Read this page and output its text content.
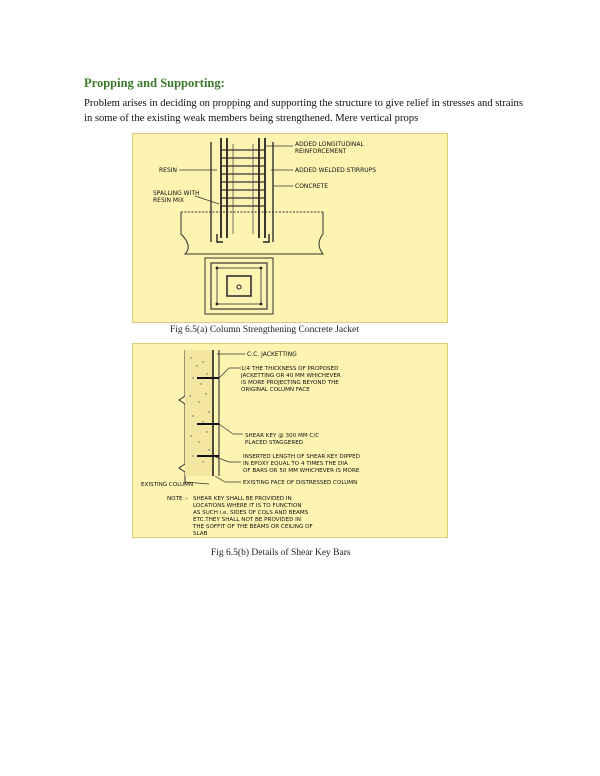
Propping and Supporting:
Problem arises in deciding on propping and supporting the structure to give relief in stresses and strains in some of the existing weak members being strengthened. Mere vertical props
ADDED LONGITUDINAL
REINFORCEMENT
ADDED WELDED STIRRUPS
CONCRETE
RESIN
SPALLING WITH
RESIN MIX
Fig 6.5(a) Column Strengthening Concrete Jacket
C.C. JACKETTING
1/4 THE THICKNESS OF PROPOSED
JACKETTING OR 40 MM WHICHEVER
IS MORE PROJECTING BEYOND THE
ORIGINAL COLUMN FACE
SHEAR KEY @ 300 MM C/C
PLACED STAGGERED
INSERTED LENGTH OF SHEAR KEY DIPPED
IN EPOXY EQUAL TO 4 TIMES THE DIA
OF BARS OR 50 MM WHICHEVER IS MORE
EXISTING COLUMN	EXISTING FACE OF DISTRESSED COLUMN
NOTE :- SHEAR KEY SHALL BE PROVIDED IN
LOCATIONS WHERE IT IS TO FUNCTION
AS SUCH i.e. SIDES OF COLS AND BEAMS
ETC.THEY SHALL NOT BE PROVIDED IN
THE SOFFIT OF THE BEAMS OR CEILING OF
SLAB
Fig 6.5(b) Details of Shear Key Bars
